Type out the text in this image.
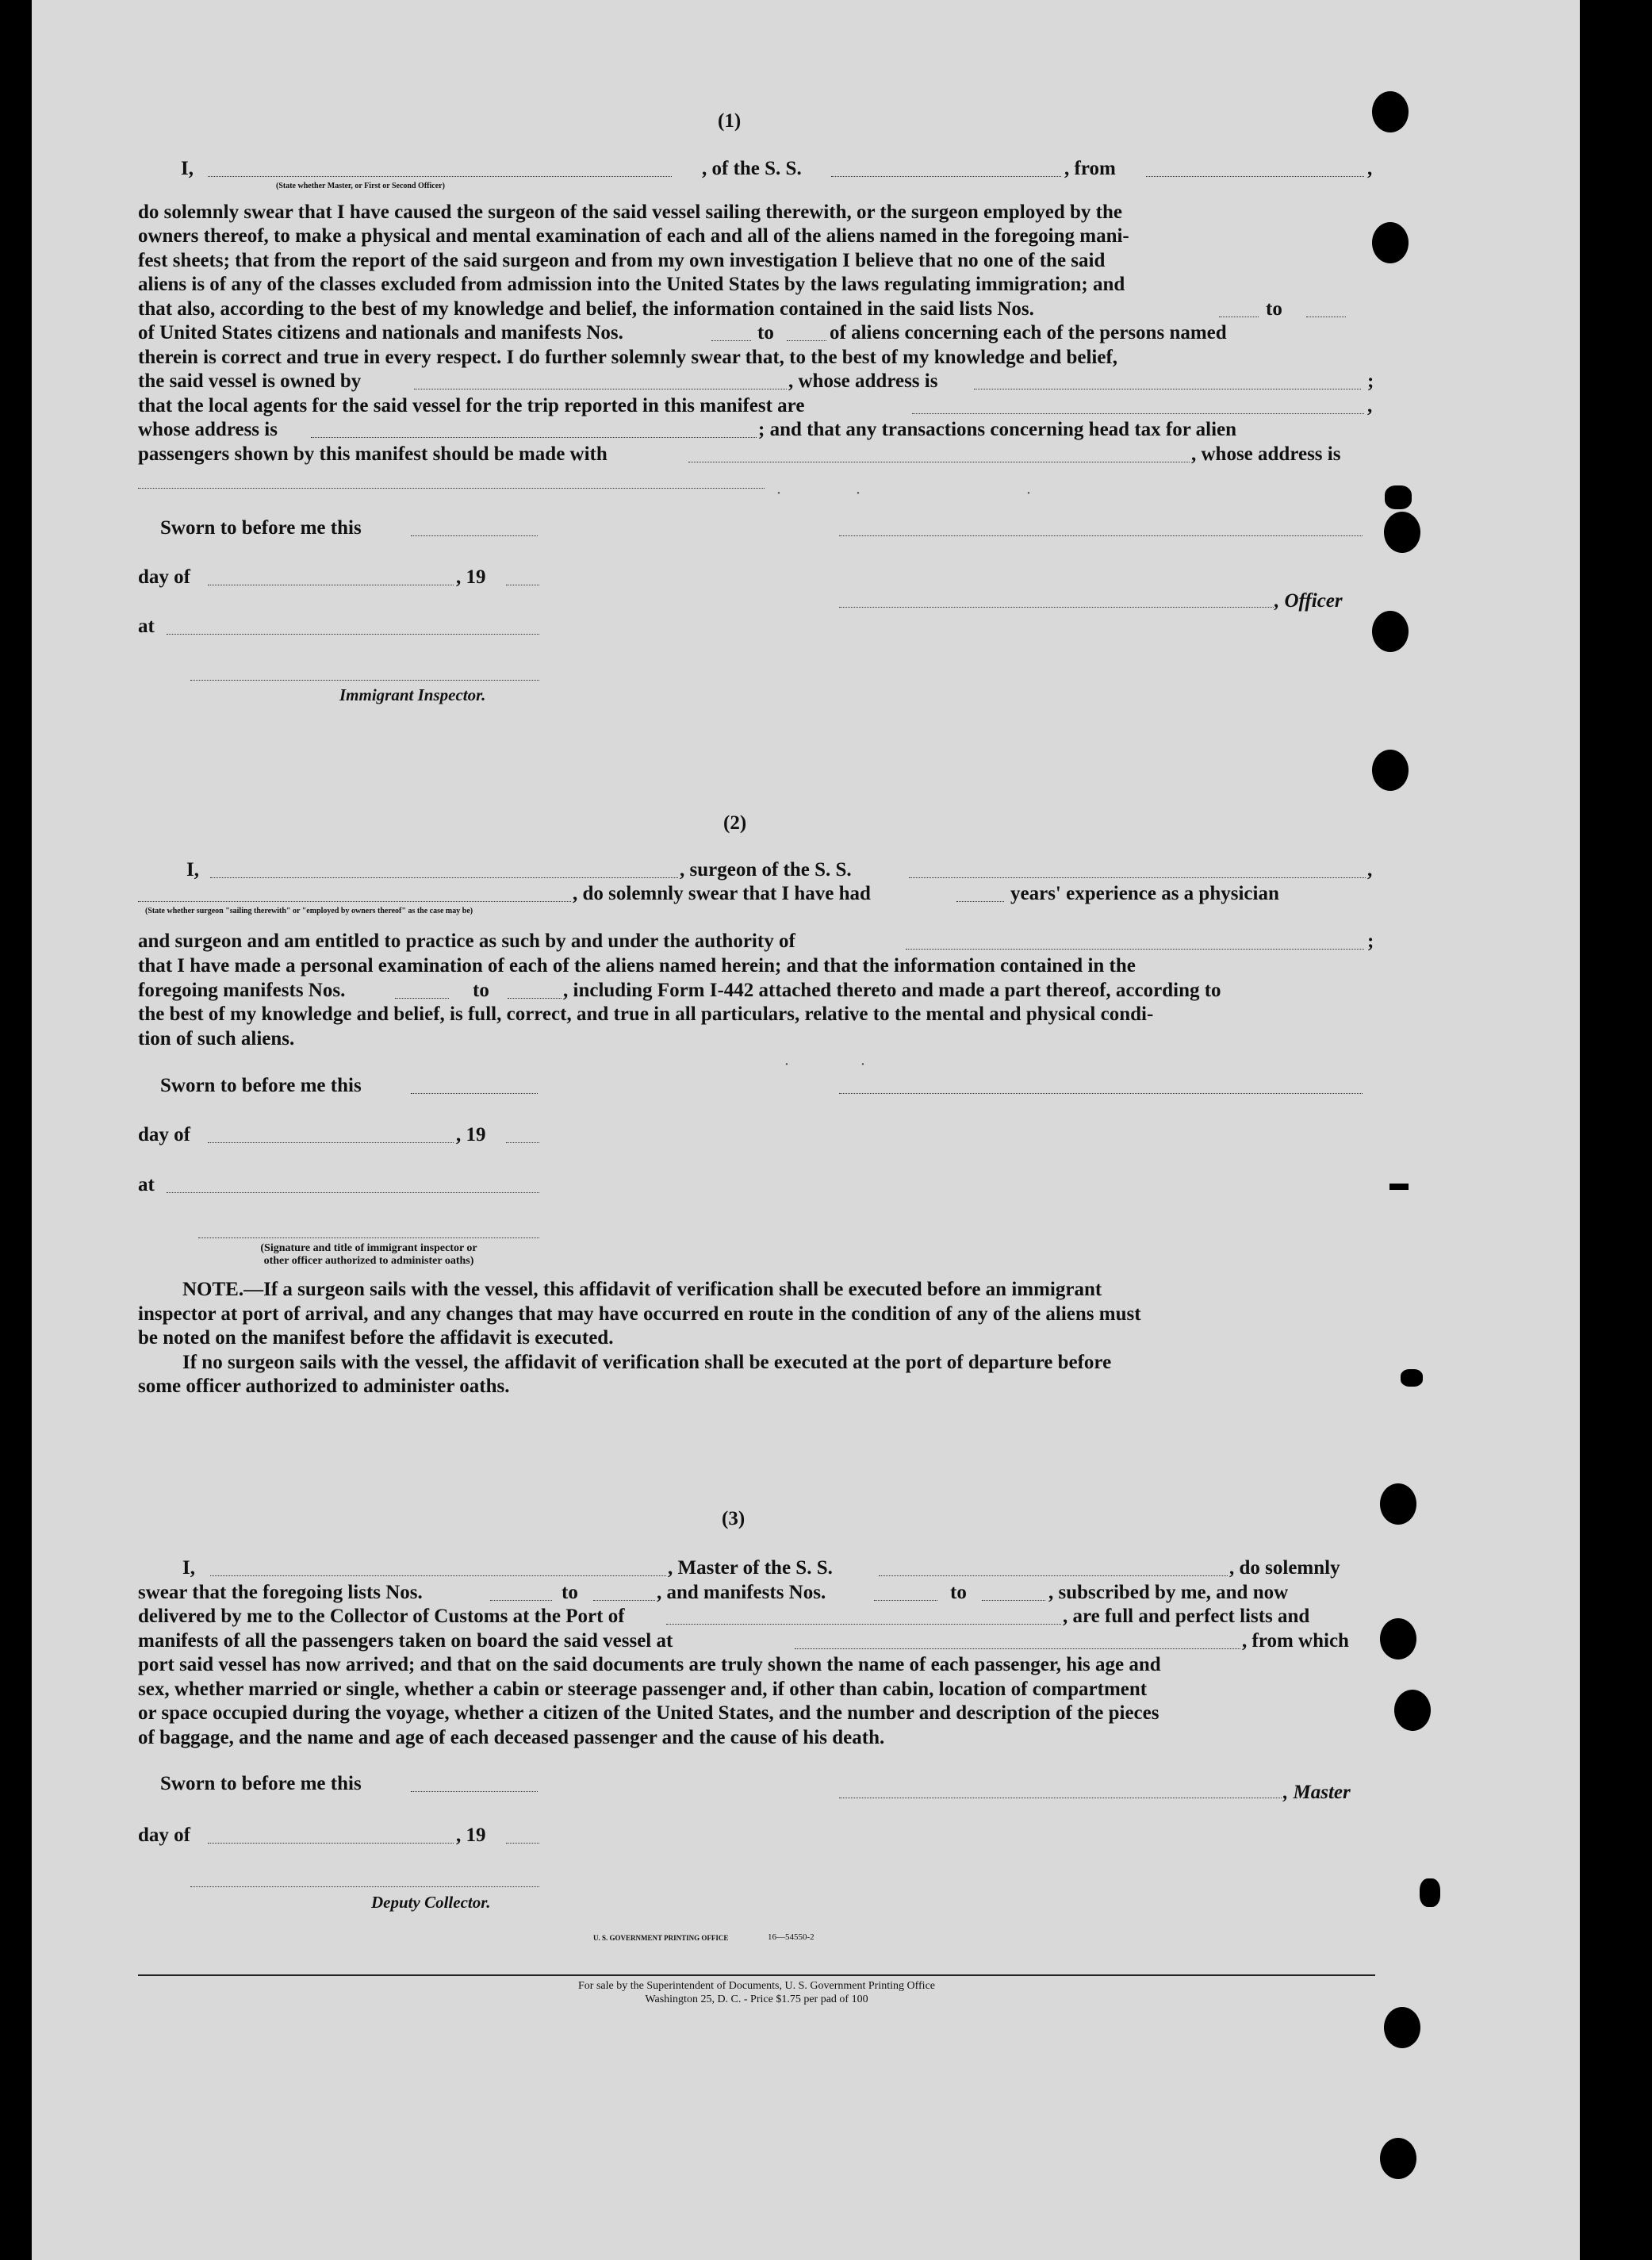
(1)
I,	, of the S. S.	, from	,
(State whether Master, or First or Second Officer)
do solemnly swear that I have caused the surgeon of the said vessel sailing therewith, or the surgeon employed by the
owners thereof, to make a physical and mental examination of each and all of the aliens named in the foregoing mani-
fest sheets; that from the report of the said surgeon and from my own investigation I believe that no one of the said
aliens is of any of the classes excluded from admission into the United States by the laws regulating immigration; and
that also, according to the best of my knowledge and belief, the information contained in the said lists Nos.	to
of United States citizens and nationals and manifests Nos.	to	of aliens concerning each of the persons named
therein is correct and true in every respect. I do further solemnly swear that, to the best of my knowledge and belief,
the said vessel is owned by	, whose address is	;
that the local agents for the said vessel for the trip reported in this manifest are	,
whose address is	; and that any transactions concerning head tax for alien
passengers shown by this manifest should be made with	, whose address is
Sworn to before me this
day of	, 19
, Officer
at
Immigrant Inspector.
(2)
I,	, surgeon of the S. S.	,
, do solemnly swear that I have had	years' experience as a physician
(State whether surgeon "sailing therewith" or "employed by owners thereof" as the case may be)
and surgeon and am entitled to practice as such by and under the authority of	;
that I have made a personal examination of each of the aliens named herein; and that the information contained in the
foregoing manifests Nos.	to	, including Form I-442 attached thereto and made a part thereof, according to
the best of my knowledge and belief, is full, correct, and true in all particulars, relative to the mental and physical condi-
tion of such aliens.
Sworn to before me this
day of	, 19
at
(Signature and title of immigrant inspector or
other officer authorized to administer oaths)
NOTE.—If a surgeon sails with the vessel, this affidavit of verification shall be executed before an immigrant
inspector at port of arrival, and any changes that may have occurred en route in the condition of any of the aliens must
be noted on the manifest before the affidavit is executed.
If no surgeon sails with the vessel, the affidavit of verification shall be executed at the port of departure before
some officer authorized to administer oaths.
(3)
I,	, Master of the S. S.	, do solemnly
swear that the foregoing lists Nos.	to	, and manifests Nos.	to	, subscribed by me, and now
delivered by me to the Collector of Customs at the Port of	, are full and perfect lists and
manifests of all the passengers taken on board the said vessel at	, from which
port said vessel has now arrived; and that on the said documents are truly shown the name of each passenger, his age and
sex, whether married or single, whether a cabin or steerage passenger and, if other than cabin, location of compartment
or space occupied during the voyage, whether a citizen of the United States, and the number and description of the pieces
of baggage, and the name and age of each deceased passenger and the cause of his death.
Sworn to before me this	, Master
day of	, 19
Deputy Collector.
U. S. GOVERNMENT PRINTING OFFICE	16—54550-2
For sale by the Superintendent of Documents, U. S. Government Printing Office
Washington 25, D. C. - Price $1.75 per pad of 100
·	·	·
·	·
